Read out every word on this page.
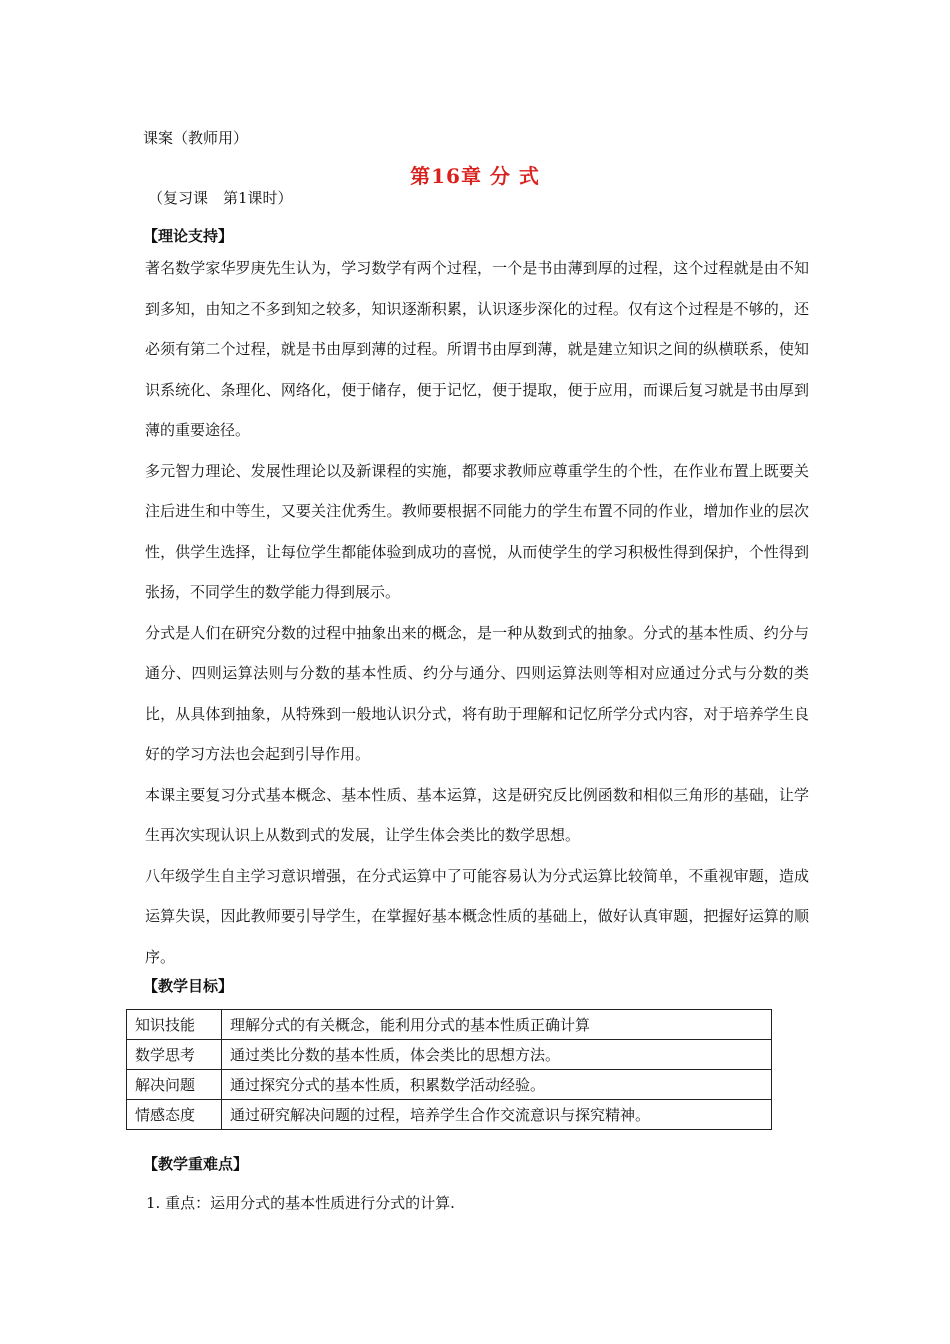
课案（教师用）
第16章 分 式
（复习课　第1课时）
【理论支持】

著名数学家华罗庚先生认为，学习数学有两个过程，一个是书由薄到厚的过程，这个过程就是由不知到多知，由知之不多到知之较多，知识逐渐积累，认识逐步深化的过程。仅有这个过程是不够的，还必须有第二个过程，就是书由厚到薄的过程。所谓书由厚到薄，就是建立知识之间的纵横联系，使知识系统化、条理化、网络化，便于储存，便于记忆，便于提取，便于应用，而课后复习就是书由厚到薄的重要途径。

多元智力理论、发展性理论以及新课程的实施，都要求教师应尊重学生的个性，在作业布置上既要关注后进生和中等生，又要关注优秀生。教师要根据不同能力的学生布置不同的作业，增加作业的层次性，供学生选择，让每位学生都能体验到成功的喜悦，从而使学生的学习积极性得到保护，个性得到张扬，不同学生的数学能力得到展示。

分式是人们在研究分数的过程中抽象出来的概念，是一种从数到式的抽象。分式的基本性质、约分与通分、四则运算法则与分数的基本性质、约分与通分、四则运算法则等相对应通过分式与分数的类比，从具体到抽象，从特殊到一般地认识分式，将有助于理解和记忆所学分式内容，对于培养学生良好的学习方法也会起到引导作用。

本课主要复习分式基本概念、基本性质、基本运算，这是研究反比例函数和相似三角形的基础，让学生再次实现认识上从数到式的发展，让学生体会类比的数学思想。

八年级学生自主学习意识增强，在分式运算中了可能容易认为分式运算比较简单，不重视审题，造成运算失误，因此教师要引导学生，在掌握好基本概念性质的基础上，做好认真审题，把握好运算的顺序。

【教学目标】
知识技能	理解分式的有关概念，能利用分式的基本性质正确计算
数学思考	通过类比分数的基本性质，体会类比的思想方法。
解决问题	通过探究分式的基本性质，积累数学活动经验。
情感态度	通过研究解决问题的过程，培养学生合作交流意识与探究精神。
【教学重难点】
1. 重点：运用分式的基本性质进行分式的计算.
